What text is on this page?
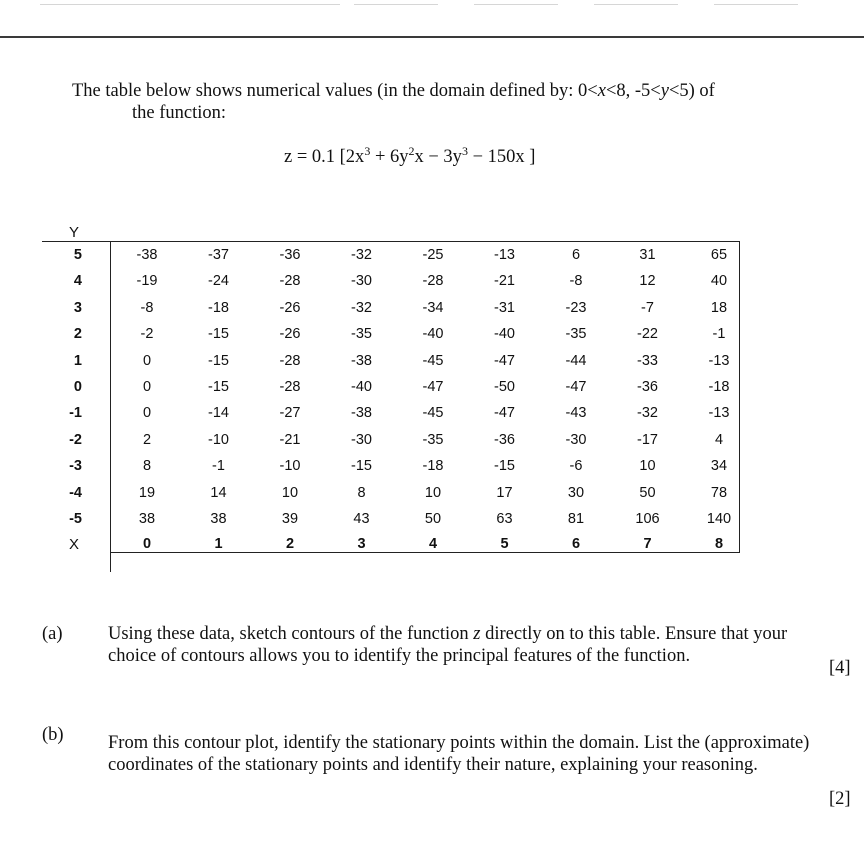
The table below shows numerical values (in the domain defined by: 0<x<8, -5<y<5) of
the function:
z = 0.1 [$2x^3 + 6y^2x - 3y^3 - 150x$ ]
Y
X
5	-38	-37	-36	-32	-25	-13	6	31	65
4	-19	-24	-28	-30	-28	-21	-8	12	40
3	-8	-18	-26	-32	-34	-31	-23	-7	18
2	-2	-15	-26	-35	-40	-40	-35	-22	-1
1	0	-15	-28	-38	-45	-47	-44	-33	-13
0	0	-15	-28	-40	-47	-50	-47	-36	-18
-1	0	-14	-27	-38	-45	-47	-43	-32	-13
-2	2	-10	-21	-30	-35	-36	-30	-17	4
-3	8	-1	-10	-15	-18	-15	-6	10	34
-4	19	14	10	8	10	17	30	50	78
-5	38	38	39	43	50	63	81	106	140
0	1	2	3	4	5	6	7	8
(a) Using these data, sketch contours of the function z directly on to this table. Ensure that your
choice of contours allows you to identify the principal features of the function.
[4]
(b) From this contour plot, identify the stationary points within the domain. List the (approximate)
coordinates of the stationary points and identify their nature, explaining your reasoning.
[2]
